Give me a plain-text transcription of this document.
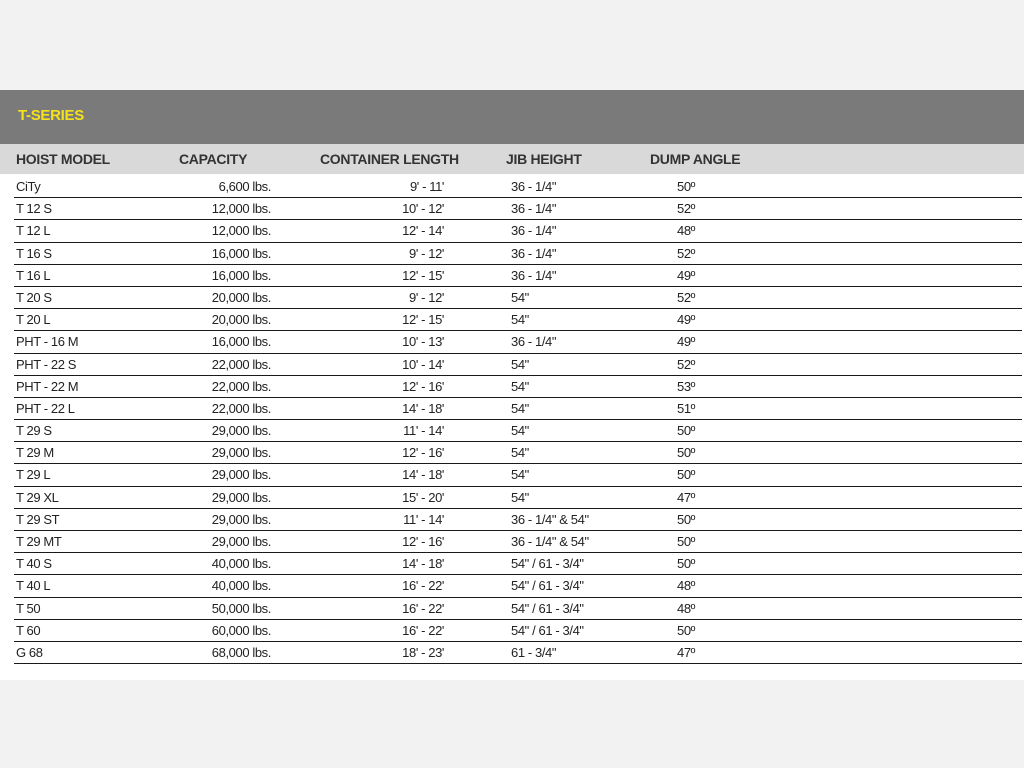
T-SERIES
HOIST MODEL	CAPACITY	CONTAINER LENGTH	JIB HEIGHT	DUMP ANGLE
CiTy	6,600 lbs.	9' - 11'	36 - 1/4"	50º
T 12 S	12,000 lbs.	10' - 12'	36 - 1/4"	52º
T 12 L	12,000 lbs.	12' - 14'	36 - 1/4"	48º
T 16 S	16,000 lbs.	9' - 12'	36 - 1/4"	52º
T 16 L	16,000 lbs.	12' - 15'	36 - 1/4"	49º
T 20 S	20,000 lbs.	9' - 12'	54"	52º
T 20 L	20,000 lbs.	12' - 15'	54"	49º
PHT - 16 M	16,000 lbs.	10' - 13'	36 - 1/4"	49º
PHT - 22 S	22,000 lbs.	10' - 14'	54"	52º
PHT - 22 M	22,000 lbs.	12' - 16'	54"	53º
PHT - 22 L	22,000 lbs.	14' - 18'	54"	51º
T 29 S	29,000 lbs.	11' - 14'	54"	50º
T 29 M	29,000 lbs.	12' - 16'	54"	50º
T 29 L	29,000 lbs.	14' - 18'	54"	50º
T 29 XL	29,000 lbs.	15' - 20'	54"	47º
T 29 ST	29,000 lbs.	11' - 14'	36 - 1/4" & 54"	50º
T 29 MT	29,000 lbs.	12' - 16'	36 - 1/4" & 54"	50º
T 40 S	40,000 lbs.	14' - 18'	54" / 61 - 3/4"	50º
T 40 L	40,000 lbs.	16' - 22'	54" / 61 - 3/4"	48º
T 50	50,000 lbs.	16' - 22'	54" / 61 - 3/4"	48º
T 60	60,000 lbs.	16' - 22'	54" / 61 - 3/4"	50º
G 68	68,000 lbs.	18' - 23'	61 - 3/4"	47º
